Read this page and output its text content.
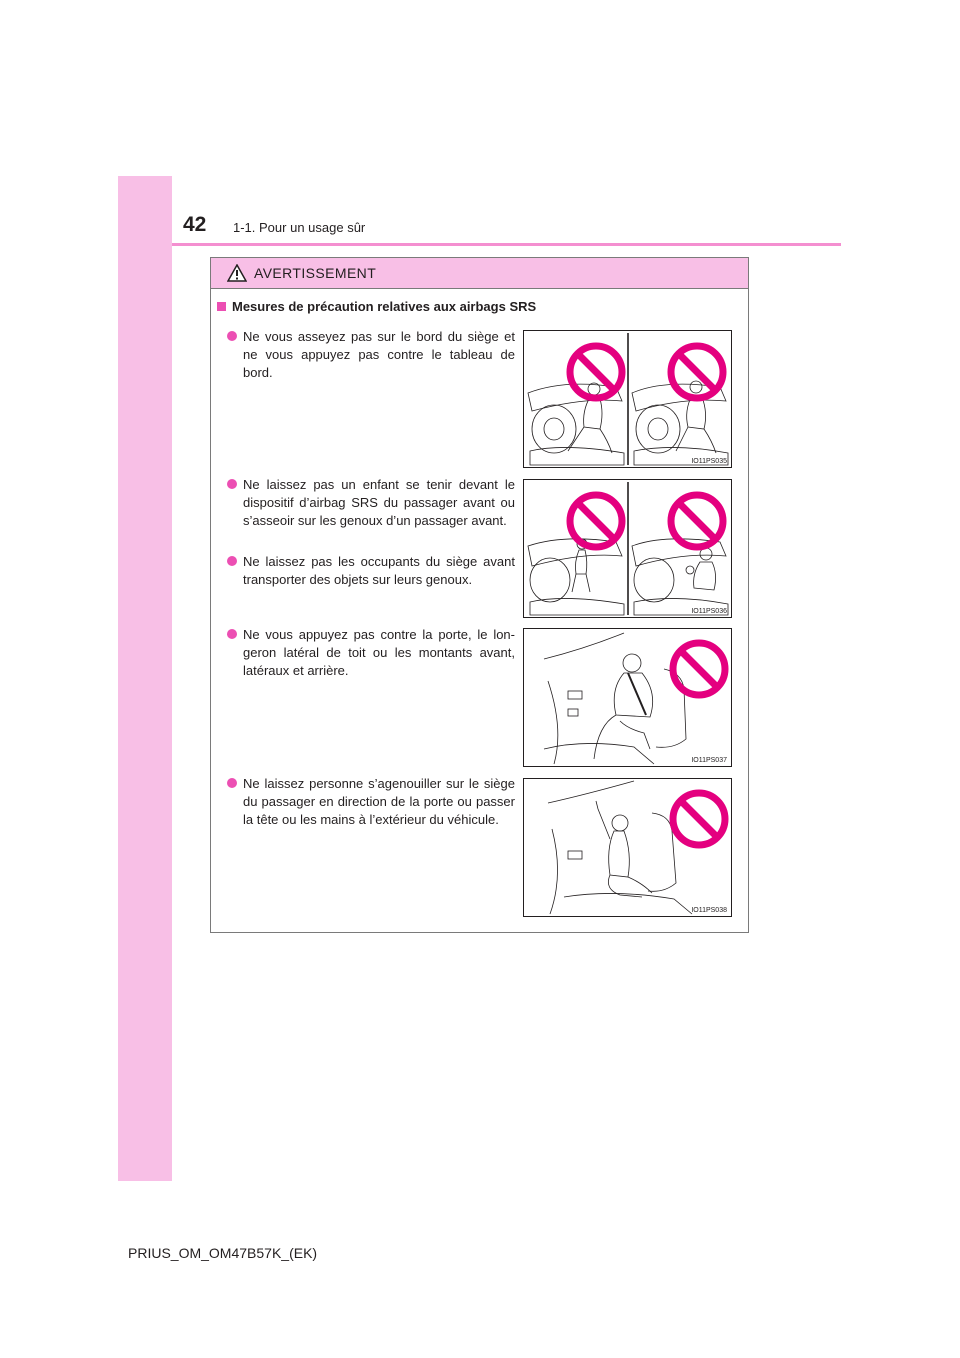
42 1-1. Pour un usage sûr
AVERTISSEMENT
Mesures de précaution relatives aux airbags SRS
Ne vous asseyez pas sur le bord du siège et ne vous appuyez pas contre le tableau de bord.
Ne laissez pas un enfant se tenir devant le dispositif d’airbag SRS du passager avant ou s’asseoir sur les genoux d’un passager avant.
Ne laissez pas les occupants du siège avant transporter des objets sur leurs genoux.
Ne vous appuyez pas contre la porte, le lon-geron latéral de toit ou les montants avant, latéraux et arrière.
Ne laissez personne s’agenouiller sur le siège du passager en direction de la porte ou passer la tête ou les mains à l’extérieur du véhicule.
IO11PS035
IO11PS036
IO11PS037
IO11PS038
PRIUS_OM_OM47B57K_(EK)
